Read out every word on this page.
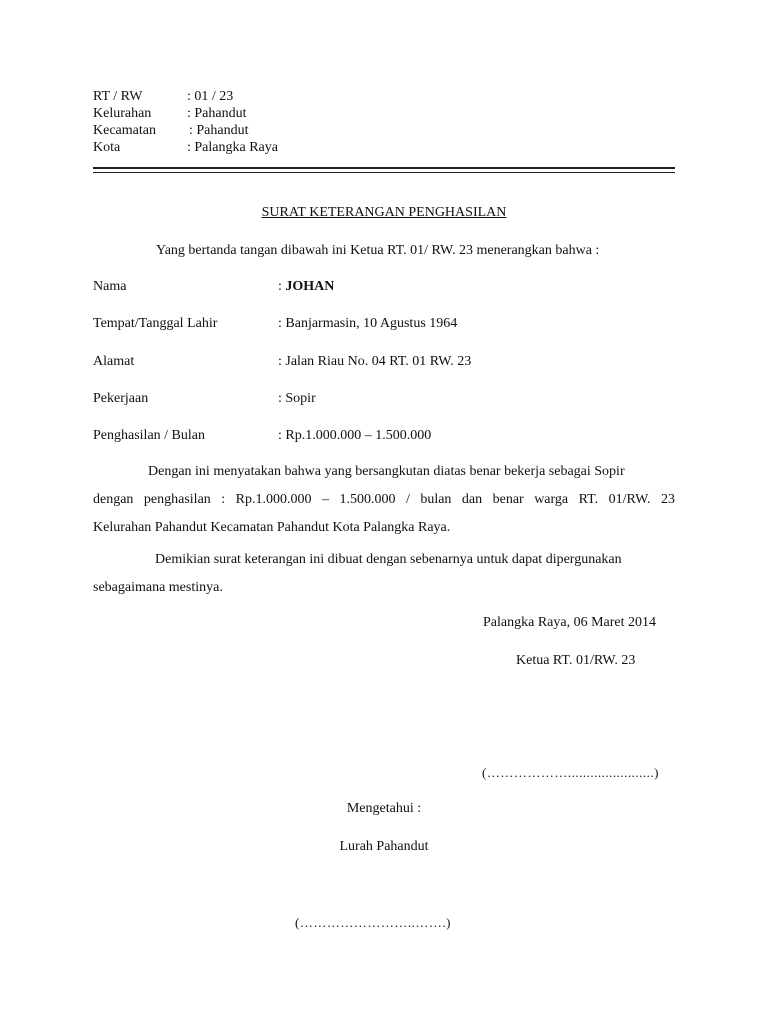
RT / RW	: 01 / 23
Kelurahan	: Pahandut
Kecamatan : Pahandut
Kota	: Palangka Raya
SURAT KETERANGAN PENGHASILAN
Yang bertanda tangan dibawah ini Ketua RT. 01/ RW. 23 menerangkan bahwa :
Nama	: JOHAN
Tempat/Tanggal Lahir	: Banjarmasin, 10 Agustus 1964
Alamat	: Jalan Riau No. 04 RT. 01 RW. 23
Pekerjaan	: Sopir
Penghasilan / Bulan	: Rp.1.000.000 – 1.500.000
Dengan ini menyatakan bahwa yang bersangkutan diatas benar bekerja sebagai Sopir
dengan penghasilan : Rp.1.000.000 – 1.500.000 / bulan dan benar warga RT. 01/RW. 23
Kelurahan Pahandut Kecamatan Pahandut Kota Palangka Raya.
Demikian surat keterangan ini dibuat dengan sebenarnya untuk dapat dipergunakan
sebagaimana mestinya.
Palangka Raya, 06 Maret 2014
Ketua RT. 01/RW. 23
(……………….......................)
Mengetahui :
Lurah Pahandut
(……………………..…….)
